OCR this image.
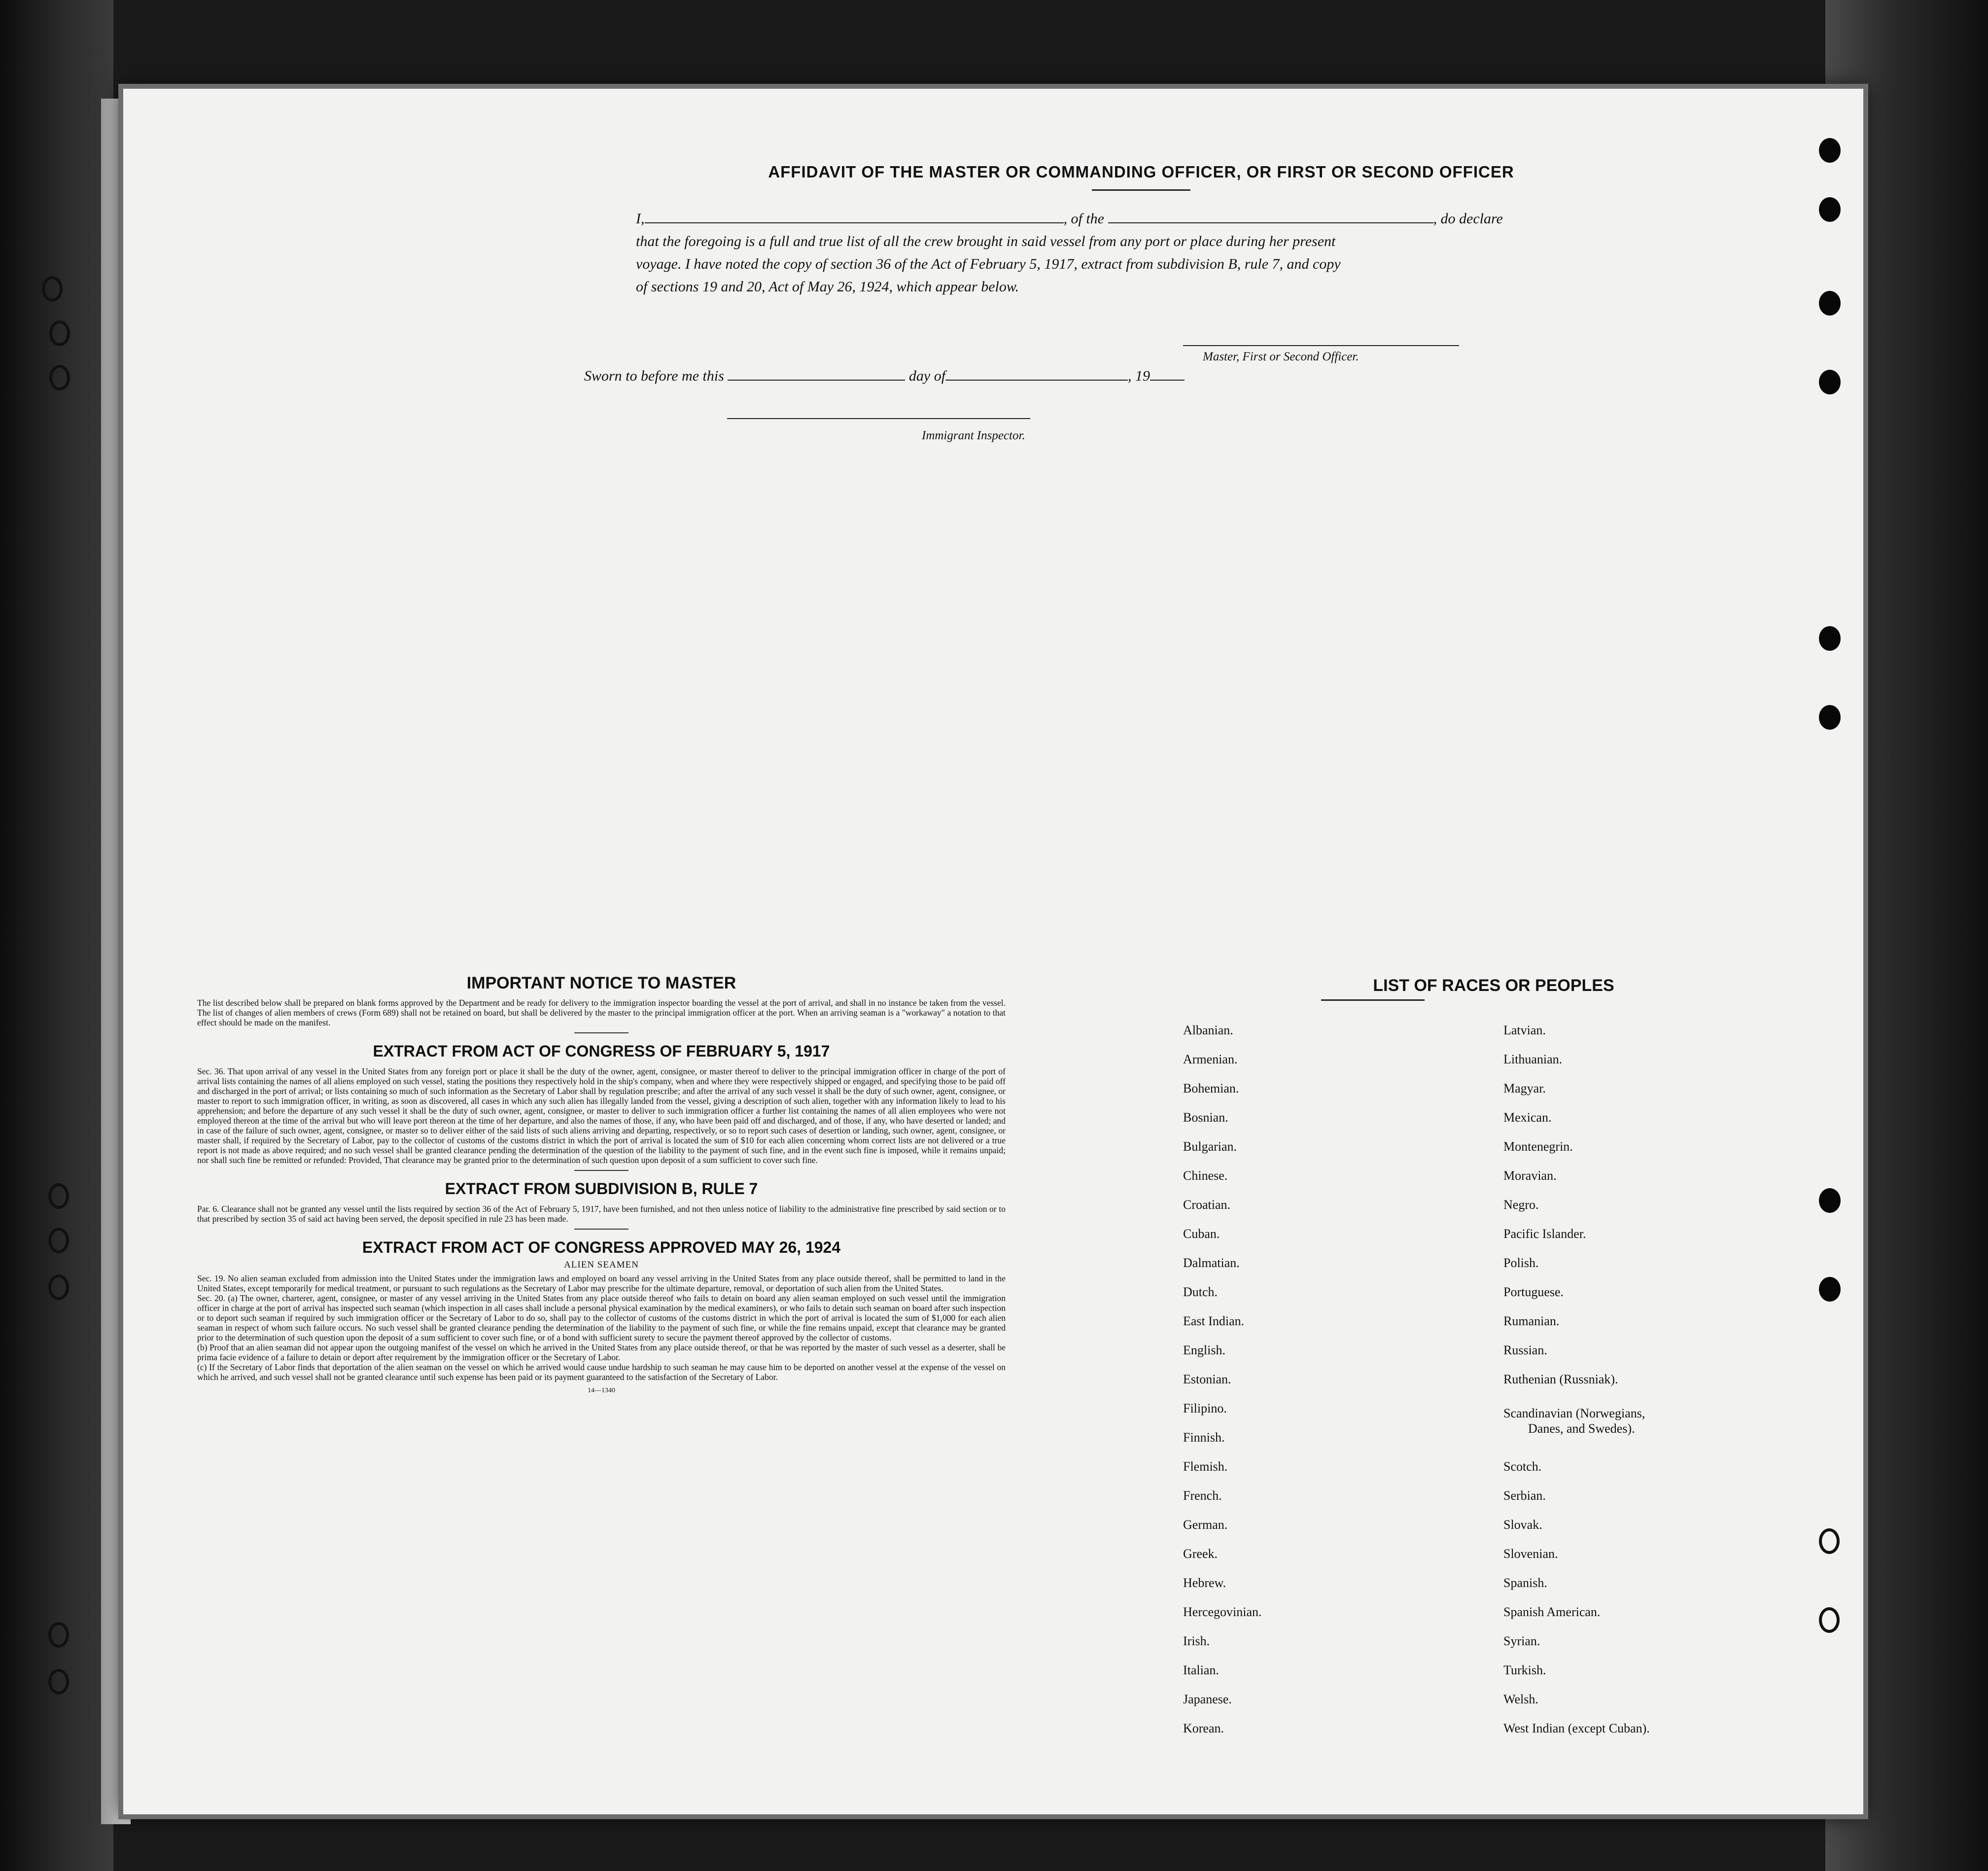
AFFIDAVIT OF THE MASTER OR COMMANDING OFFICER, OR FIRST OR SECOND OFFICER
I,	, of the	, do declare
that the foregoing is a full and true list of all the crew brought in said vessel from any port or place during her present
voyage. I have noted the copy of section 36 of the Act of February 5, 1917, extract from subdivision B, rule 7, and copy
of sections 19 and 20, Act of May 26, 1924, which appear below.
Master, First or Second Officer.
Sworn to before me this	day of	, 19
Immigrant Inspector.
IMPORTANT NOTICE TO MASTER

The list described below shall be prepared on blank forms approved by the Department and be ready for delivery to the immigration inspector boarding the vessel at the port of arrival, and shall in no instance be taken from the vessel. The list of changes of alien members of crews (Form 689) shall not be retained on board, but shall be delivered by the master to the principal immigration officer at the port. When an arriving seaman is a "workaway" a notation to that effect should be made on the manifest.

EXTRACT FROM ACT OF CONGRESS OF FEBRUARY 5, 1917

Sec. 36. That upon arrival of any vessel in the United States from any foreign port or place it shall be the duty of the owner, agent, consignee, or master thereof to deliver to the principal immigration officer in charge of the port of arrival lists containing the names of all aliens employed on such vessel, stating the positions they respectively hold in the ship's company, when and where they were respectively shipped or engaged, and specifying those to be paid off and discharged in the port of arrival; or lists containing so much of such information as the Secretary of Labor shall by regulation prescribe; and after the arrival of any such vessel it shall be the duty of such owner, agent, consignee, or master to report to such immigration officer, in writing, as soon as discovered, all cases in which any such alien has illegally landed from the vessel, giving a description of such alien, together with any information likely to lead to his apprehension; and before the departure of any such vessel it shall be the duty of such owner, agent, consignee, or master to deliver to such immigration officer a further list containing the names of all alien employees who were not employed thereon at the time of the arrival but who will leave port thereon at the time of her departure, and also the names of those, if any, who have been paid off and discharged, and of those, if any, who have deserted or landed; and in case of the failure of such owner, agent, consignee, or master so to deliver either of the said lists of such aliens arriving and departing, respectively, or so to report such cases of desertion or landing, such owner, agent, consignee, or master shall, if required by the Secretary of Labor, pay to the collector of customs of the customs district in which the port of arrival is located the sum of $10 for each alien concerning whom correct lists are not delivered or a true report is not made as above required; and no such vessel shall be granted clearance pending the determination of the question of the liability to the payment of such fine, and in the event such fine is imposed, while it remains unpaid; nor shall such fine be remitted or refunded: Provided, That clearance may be granted prior to the determination of such question upon deposit of a sum sufficient to cover such fine.

EXTRACT FROM SUBDIVISION B, RULE 7

Par. 6. Clearance shall not be granted any vessel until the lists required by section 36 of the Act of February 5, 1917, have been furnished, and not then unless notice of liability to the administrative fine prescribed by said section or to that prescribed by section 35 of said act having been served, the deposit specified in rule 23 has been made.

EXTRACT FROM ACT OF CONGRESS APPROVED MAY 26, 1924
ALIEN SEAMEN

Sec. 19. No alien seaman excluded from admission into the United States under the immigration laws and employed on board any vessel arriving in the United States from any place outside thereof, shall be permitted to land in the United States, except temporarily for medical treatment, or pursuant to such regulations as the Secretary of Labor may prescribe for the ultimate departure, removal, or deportation of such alien from the United States.

Sec. 20. (a) The owner, charterer, agent, consignee, or master of any vessel arriving in the United States from any place outside thereof who fails to detain on board any alien seaman employed on such vessel until the immigration officer in charge at the port of arrival has inspected such seaman (which inspection in all cases shall include a personal physical examination by the medical examiners), or who fails to detain such seaman on board after such inspection or to deport such seaman if required by such immigration officer or the Secretary of Labor to do so, shall pay to the collector of customs of the customs district in which the port of arrival is located the sum of $1,000 for each alien seaman in respect of whom such failure occurs. No such vessel shall be granted clearance pending the determination of the liability to the payment of such fine, or while the fine remains unpaid, except that clearance may be granted prior to the determination of such question upon the deposit of a sum sufficient to cover such fine, or of a bond with sufficient surety to secure the payment thereof approved by the collector of customs.

(b) Proof that an alien seaman did not appear upon the outgoing manifest of the vessel on which he arrived in the United States from any place outside thereof, or that he was reported by the master of such vessel as a deserter, shall be prima facie evidence of a failure to detain or deport after requirement by the immigration officer or the Secretary of Labor.

(c) If the Secretary of Labor finds that deportation of the alien seaman on the vessel on which he arrived would cause undue hardship to such seaman he may cause him to be deported on another vessel at the expense of the vessel on which he arrived, and such vessel shall not be granted clearance until such expense has been paid or its payment guaranteed to the satisfaction of the Secretary of Labor.

14—1340
LIST OF RACES OR PEOPLES
Albanian.
Armenian.
Bohemian.
Bosnian.
Bulgarian.
Chinese.
Croatian.
Cuban.
Dalmatian.
Dutch.
East Indian.
English.
Estonian.
Filipino.
Finnish.
Flemish.
French.
German.
Greek.
Hebrew.
Hercegovinian.
Irish.
Italian.
Japanese.
Korean.
Latvian.
Lithuanian.
Magyar.
Mexican.
Montenegrin.
Moravian.
Negro.
Pacific Islander.
Polish.
Portuguese.
Rumanian.
Russian.
Ruthenian (Russniak).
Scandinavian (Norwegians,
Danes, and Swedes).
Scotch.
Serbian.
Slovak.
Slovenian.
Spanish.
Spanish American.
Syrian.
Turkish.
Welsh.
West Indian (except Cuban).
